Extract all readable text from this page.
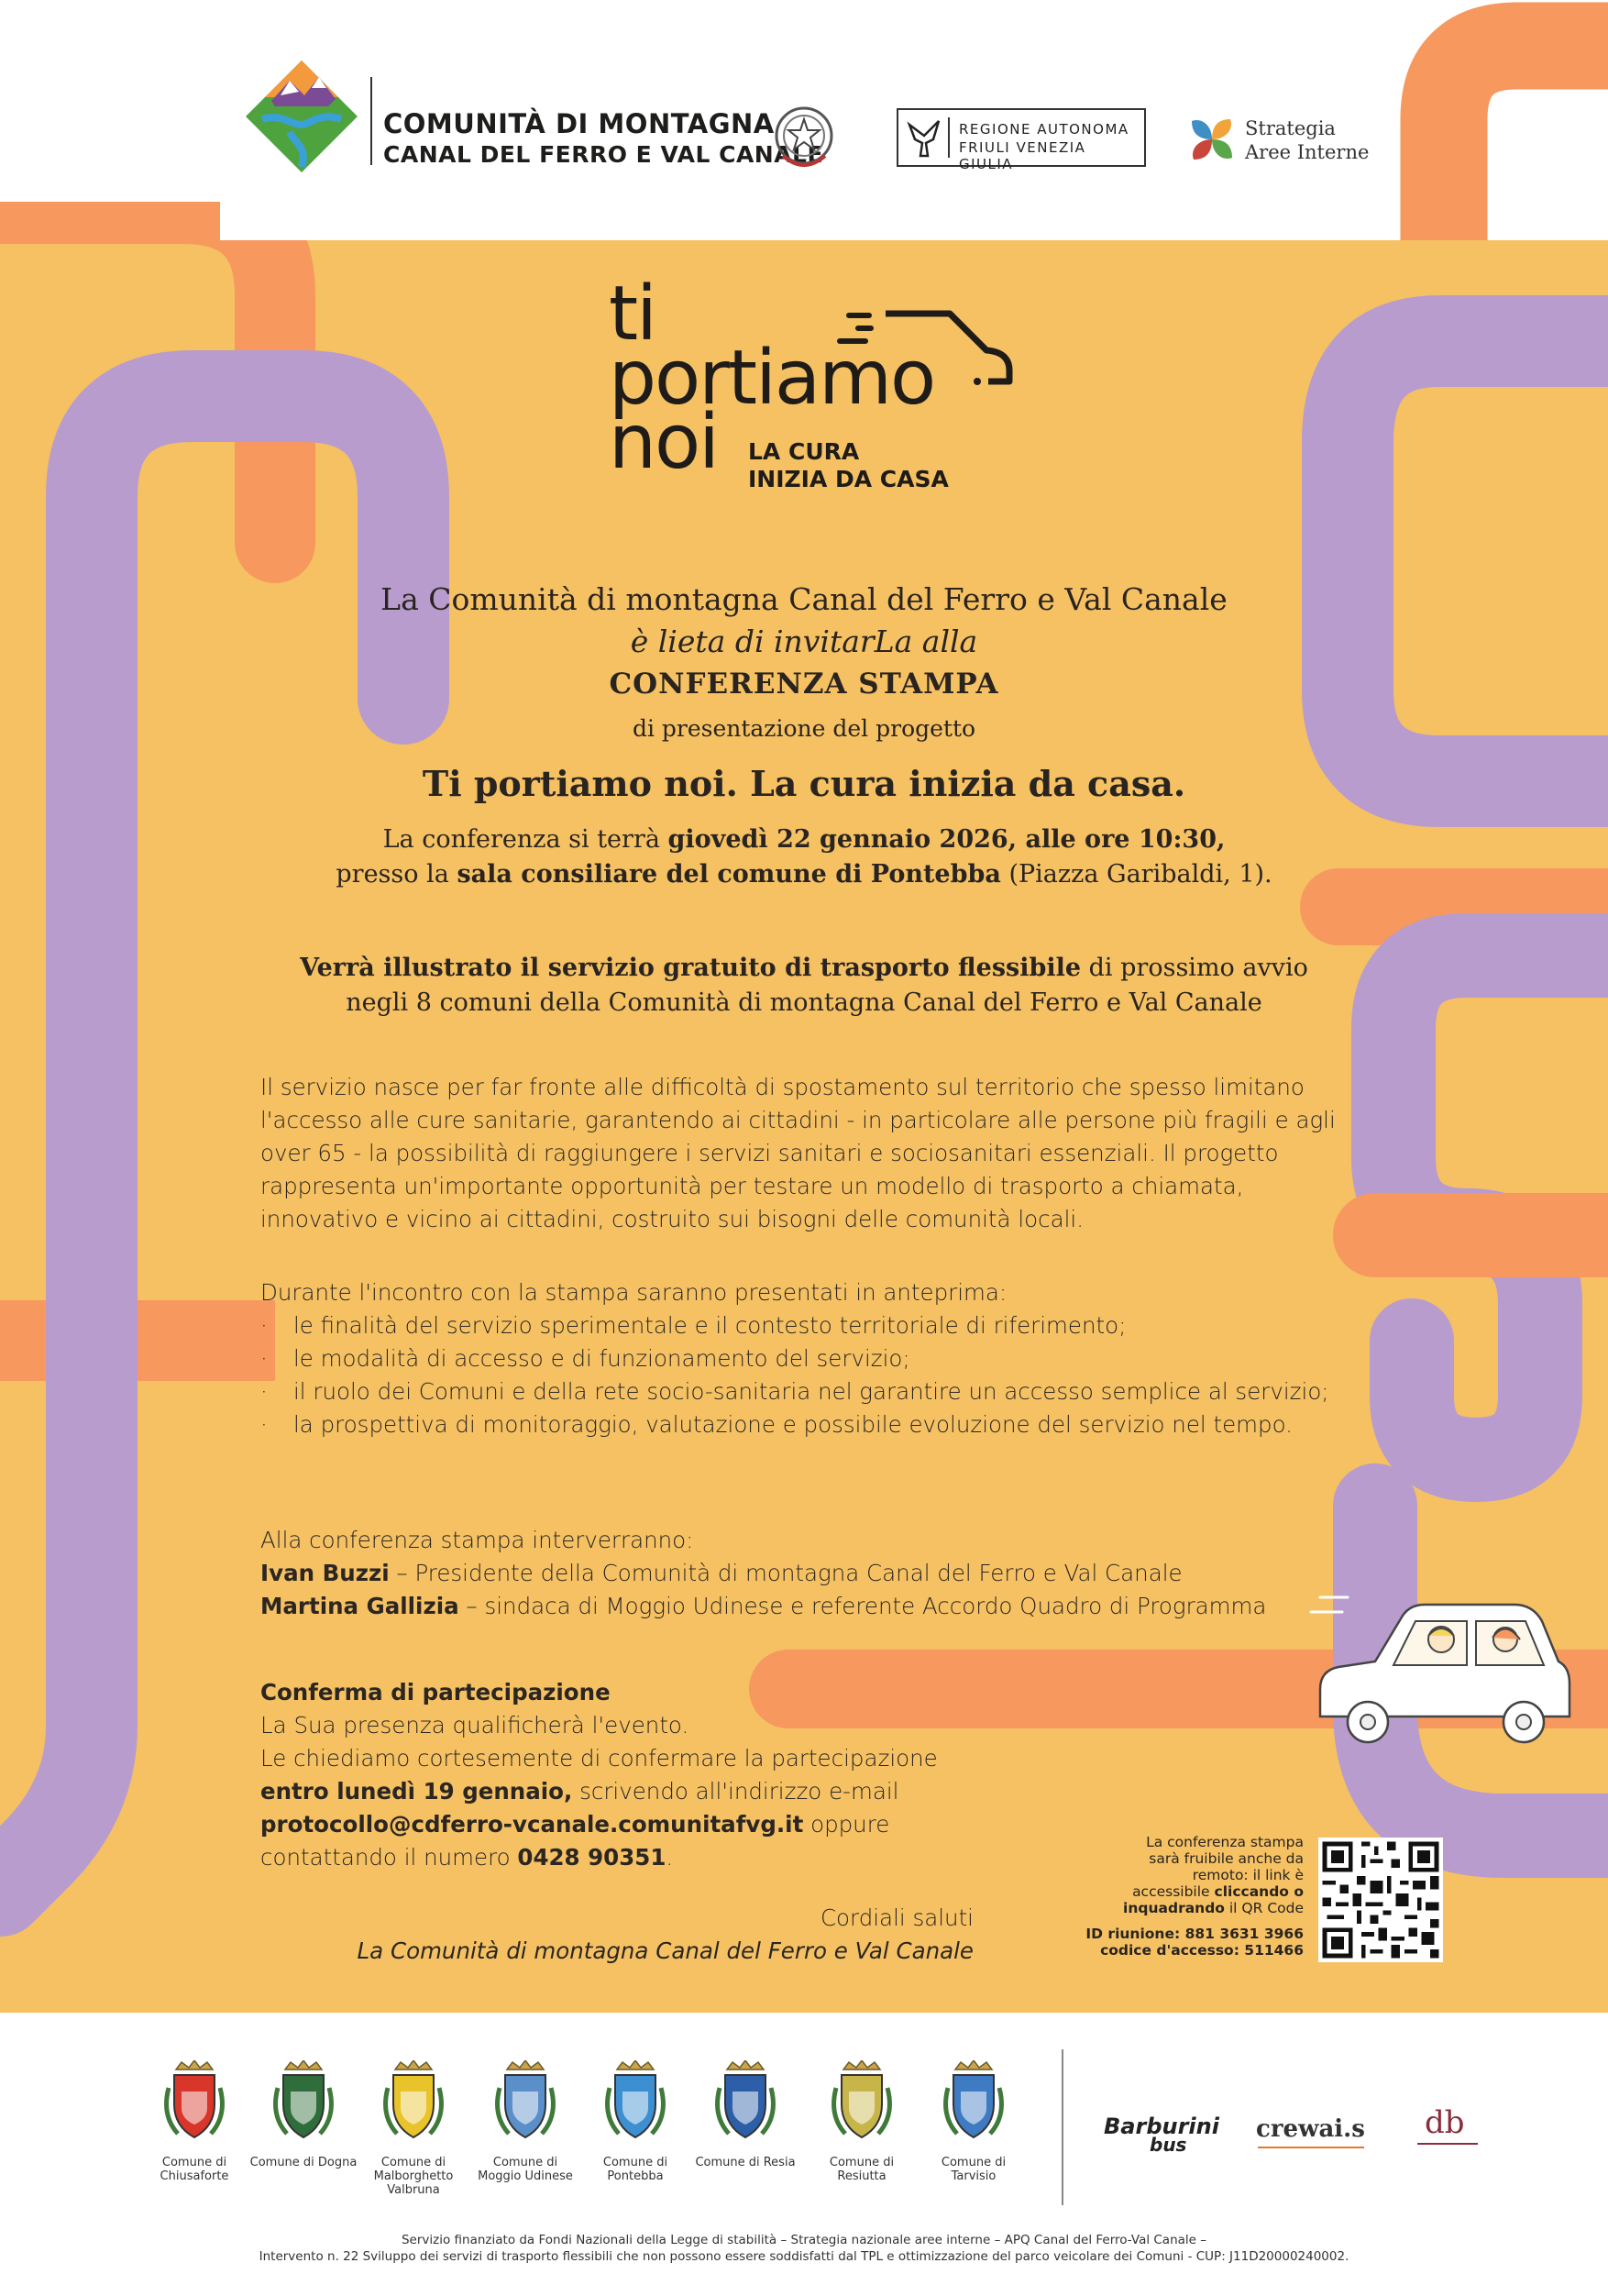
COMUNITÀ DI MONTAGNA
CANAL DEL FERRO E VAL CANALE
REGIONE AUTONOMA
FRIULI VENEZIA GIULIA
Strategia
Aree Interne
ti
portiamo
noi LA CURA
INIZIA DA CASA
La Comunità di montagna Canal del Ferro e Val Canale
è lieta di invitarLa alla
CONFERENZA STAMPA
di presentazione del progetto
Ti portiamo noi. La cura inizia da casa.
La conferenza si terrà giovedì 22 gennaio 2026, alle ore 10:30,
presso la sala consiliare del comune di Pontebba (Piazza Garibaldi, 1).
Verrà illustrato il servizio gratuito di trasporto flessibile di prossimo avvio
negli 8 comuni della Comunità di montagna Canal del Ferro e Val Canale
Il servizio nasce per far fronte alle difficoltà di spostamento sul territorio che spesso limitano l'accesso alle cure sanitarie, garantendo ai cittadini - in particolare alle persone più fragili e agli over 65 - la possibilità di raggiungere i servizi sanitari e sociosanitari essenziali. Il progetto rappresenta un'importante opportunità per testare un modello di trasporto a chiamata, innovativo e vicino ai cittadini, costruito sui bisogni delle comunità locali.
Durante l'incontro con la stampa saranno presentati in anteprima:
· le finalità del servizio sperimentale e il contesto territoriale di riferimento;
· le modalità di accesso e di funzionamento del servizio;
· il ruolo dei Comuni e della rete socio-sanitaria nel garantire un accesso semplice al servizio;
· la prospettiva di monitoraggio, valutazione e possibile evoluzione del servizio nel tempo.
Alla conferenza stampa interverranno:
Ivan Buzzi – Presidente della Comunità di montagna Canal del Ferro e Val Canale
Martina Gallizia – sindaca di Moggio Udinese e referente Accordo Quadro di Programma
Conferma di partecipazione
La Sua presenza qualificherà l'evento.
Le chiediamo cortesemente di confermare la partecipazione
entro lunedì 19 gennaio, scrivendo all'indirizzo e-mail
protocollo@cdferro-vcanale.comunitafvg.it oppure
contattando il numero 0428 90351.
Cordiali saluti
La Comunità di montagna Canal del Ferro e Val Canale
La conferenza stampa
sarà fruibile anche da
remoto: il link è
accessibile cliccando o
inquadrando il QR Code
ID riunione: 881 3631 3966
codice d'accesso: 511466
Comune di Chiusaforte
Comune di Dogna	Comune di Malborghetto Valbruna
Comune di Moggio Udinese
Comune di Pontebba
Comune di Resia	Comune di Resiutta
Comune di Tarvisio
Barburini
bus
crewai.s db
Servizio finanziato da Fondi Nazionali della Legge di stabilità – Strategia nazionale aree interne – APQ Canal del Ferro-Val Canale –
Intervento n. 22 Sviluppo dei servizi di trasporto flessibili che non possono essere soddisfatti dal TPL e ottimizzazione del parco veicolare dei Comuni - CUP: J11D20000240002.
